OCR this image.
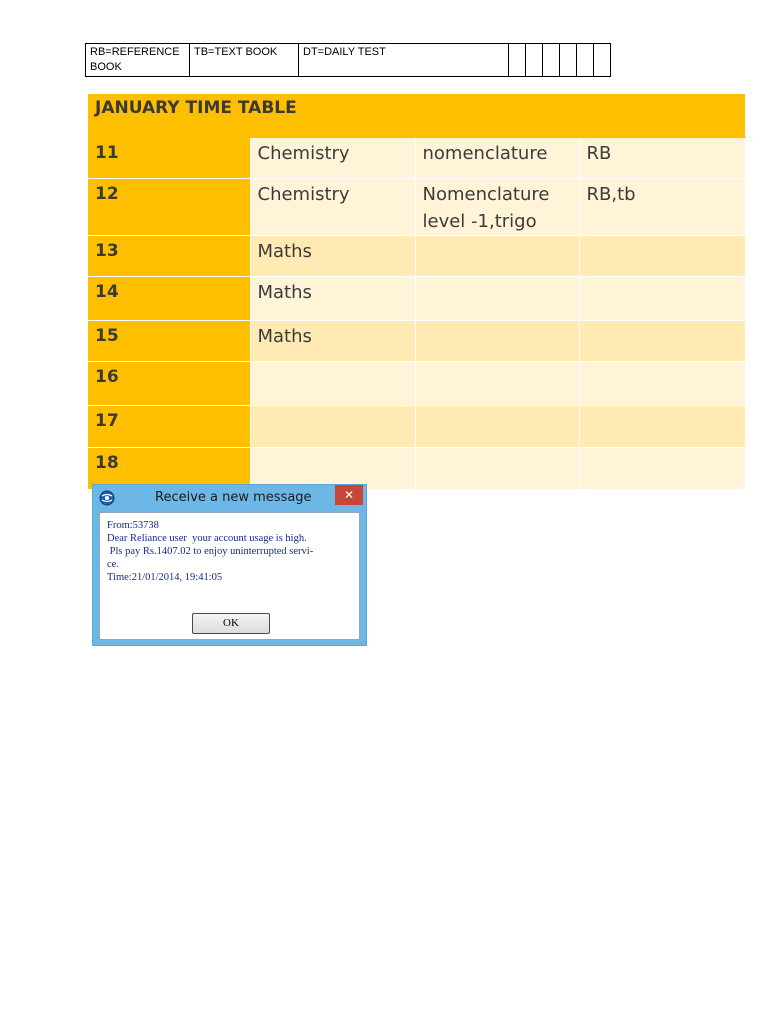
RB=REFERENCE BOOK	TB=TEXT BOOK	DT=DAILY TEST						
JANUARY TIME TABLE			
11	Chemistry	nomenclature	RB
12	Chemistry	Nomenclature level -1,trigo	RB,tb
13	Maths		
14	Maths		
15	Maths		
16			
17			
18			
Receive a new message	✕
From:53738
Dear Reliance user  your account usage is high.
Pls pay Rs.1407.02 to enjoy uninterrupted servi-
ce.
Time:21/01/2014, 19:41:05
OK
